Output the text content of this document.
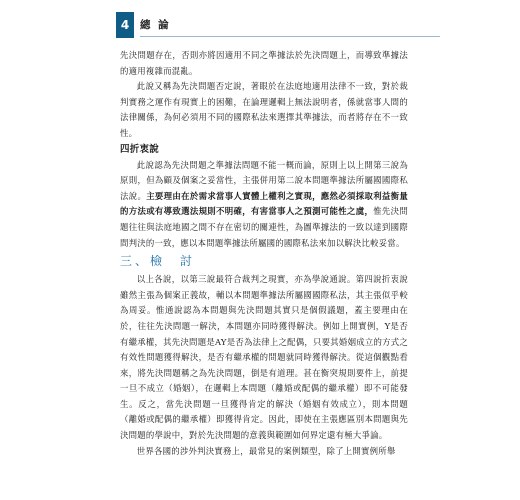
4 總 論

先決問題存在，否則亦將因適用不同之準據法於先決問題上，而導致準據法的適用複雜而混亂。

此說又稱為先決問題否定說，著眼於在法庭地適用法律不一致，對於裁判實務之運作有現實上的困難，在論理邏輯上無法說明者，係就當事人間的法律關係，為何必須用不同的國際私法來選擇其準據法，而者將存在不一致性。

四折衷說

此說認為先決問題之準據法問題不能一概而論，原則上以上開第三說為原則，但為顧及個案之妥當性，主張併用第二說本問題準據法所屬國國際私法說。主要理由在於需求當事人實體上權利之實現，應然必須採取利益衡量的方法或有導致選法規則不明確，有害當事人之預測可能性之虞，惟先決問題往往與法庭地國之間不存在密切的關連性，為圖準據法的一致以達到國際間判決的一致，應以本問題準據法所屬國的國際私法來加以解決比較妥當。

三、檢　討

以上各說，以第三說最符合裁判之現實，亦為學說通說。第四說折衷說雖然主張為個案正義故，輔以本問題準據法所屬國國際私法，其主張似乎較為周妥。惟通說認為本問題與先決問題其實只是個假議題，蓋主要理由在於，往往先決問題一解決，本問題亦同時獲得解決。例如上開實例，Y是否有繼承權，其先決問題是AY是否為法律上之配偶，只要其婚姻成立的方式之有效性問題獲得解決，是否有繼承權的問題就同時獲得解決。從這個觀點看來，將先決問題稱之為先決問題，倒是有道理。甚在衡突規則要件上，前提一旦不成立（婚姻），在邏輯上本問題（離婚或配偶的繼承權）即不可能發生。反之，當先決問題一旦獲得肯定的解決（婚姻有效成立），則本問題（離婚或配偶的繼承權）即獲得肯定。因此，即使在主張應區別本問題與先決問題的學說中，對於先決問題的意義與範圍如何界定還有極大爭論。

世界各國的涉外判決實務上，最常見的案例類型，除了上開實例所舉
